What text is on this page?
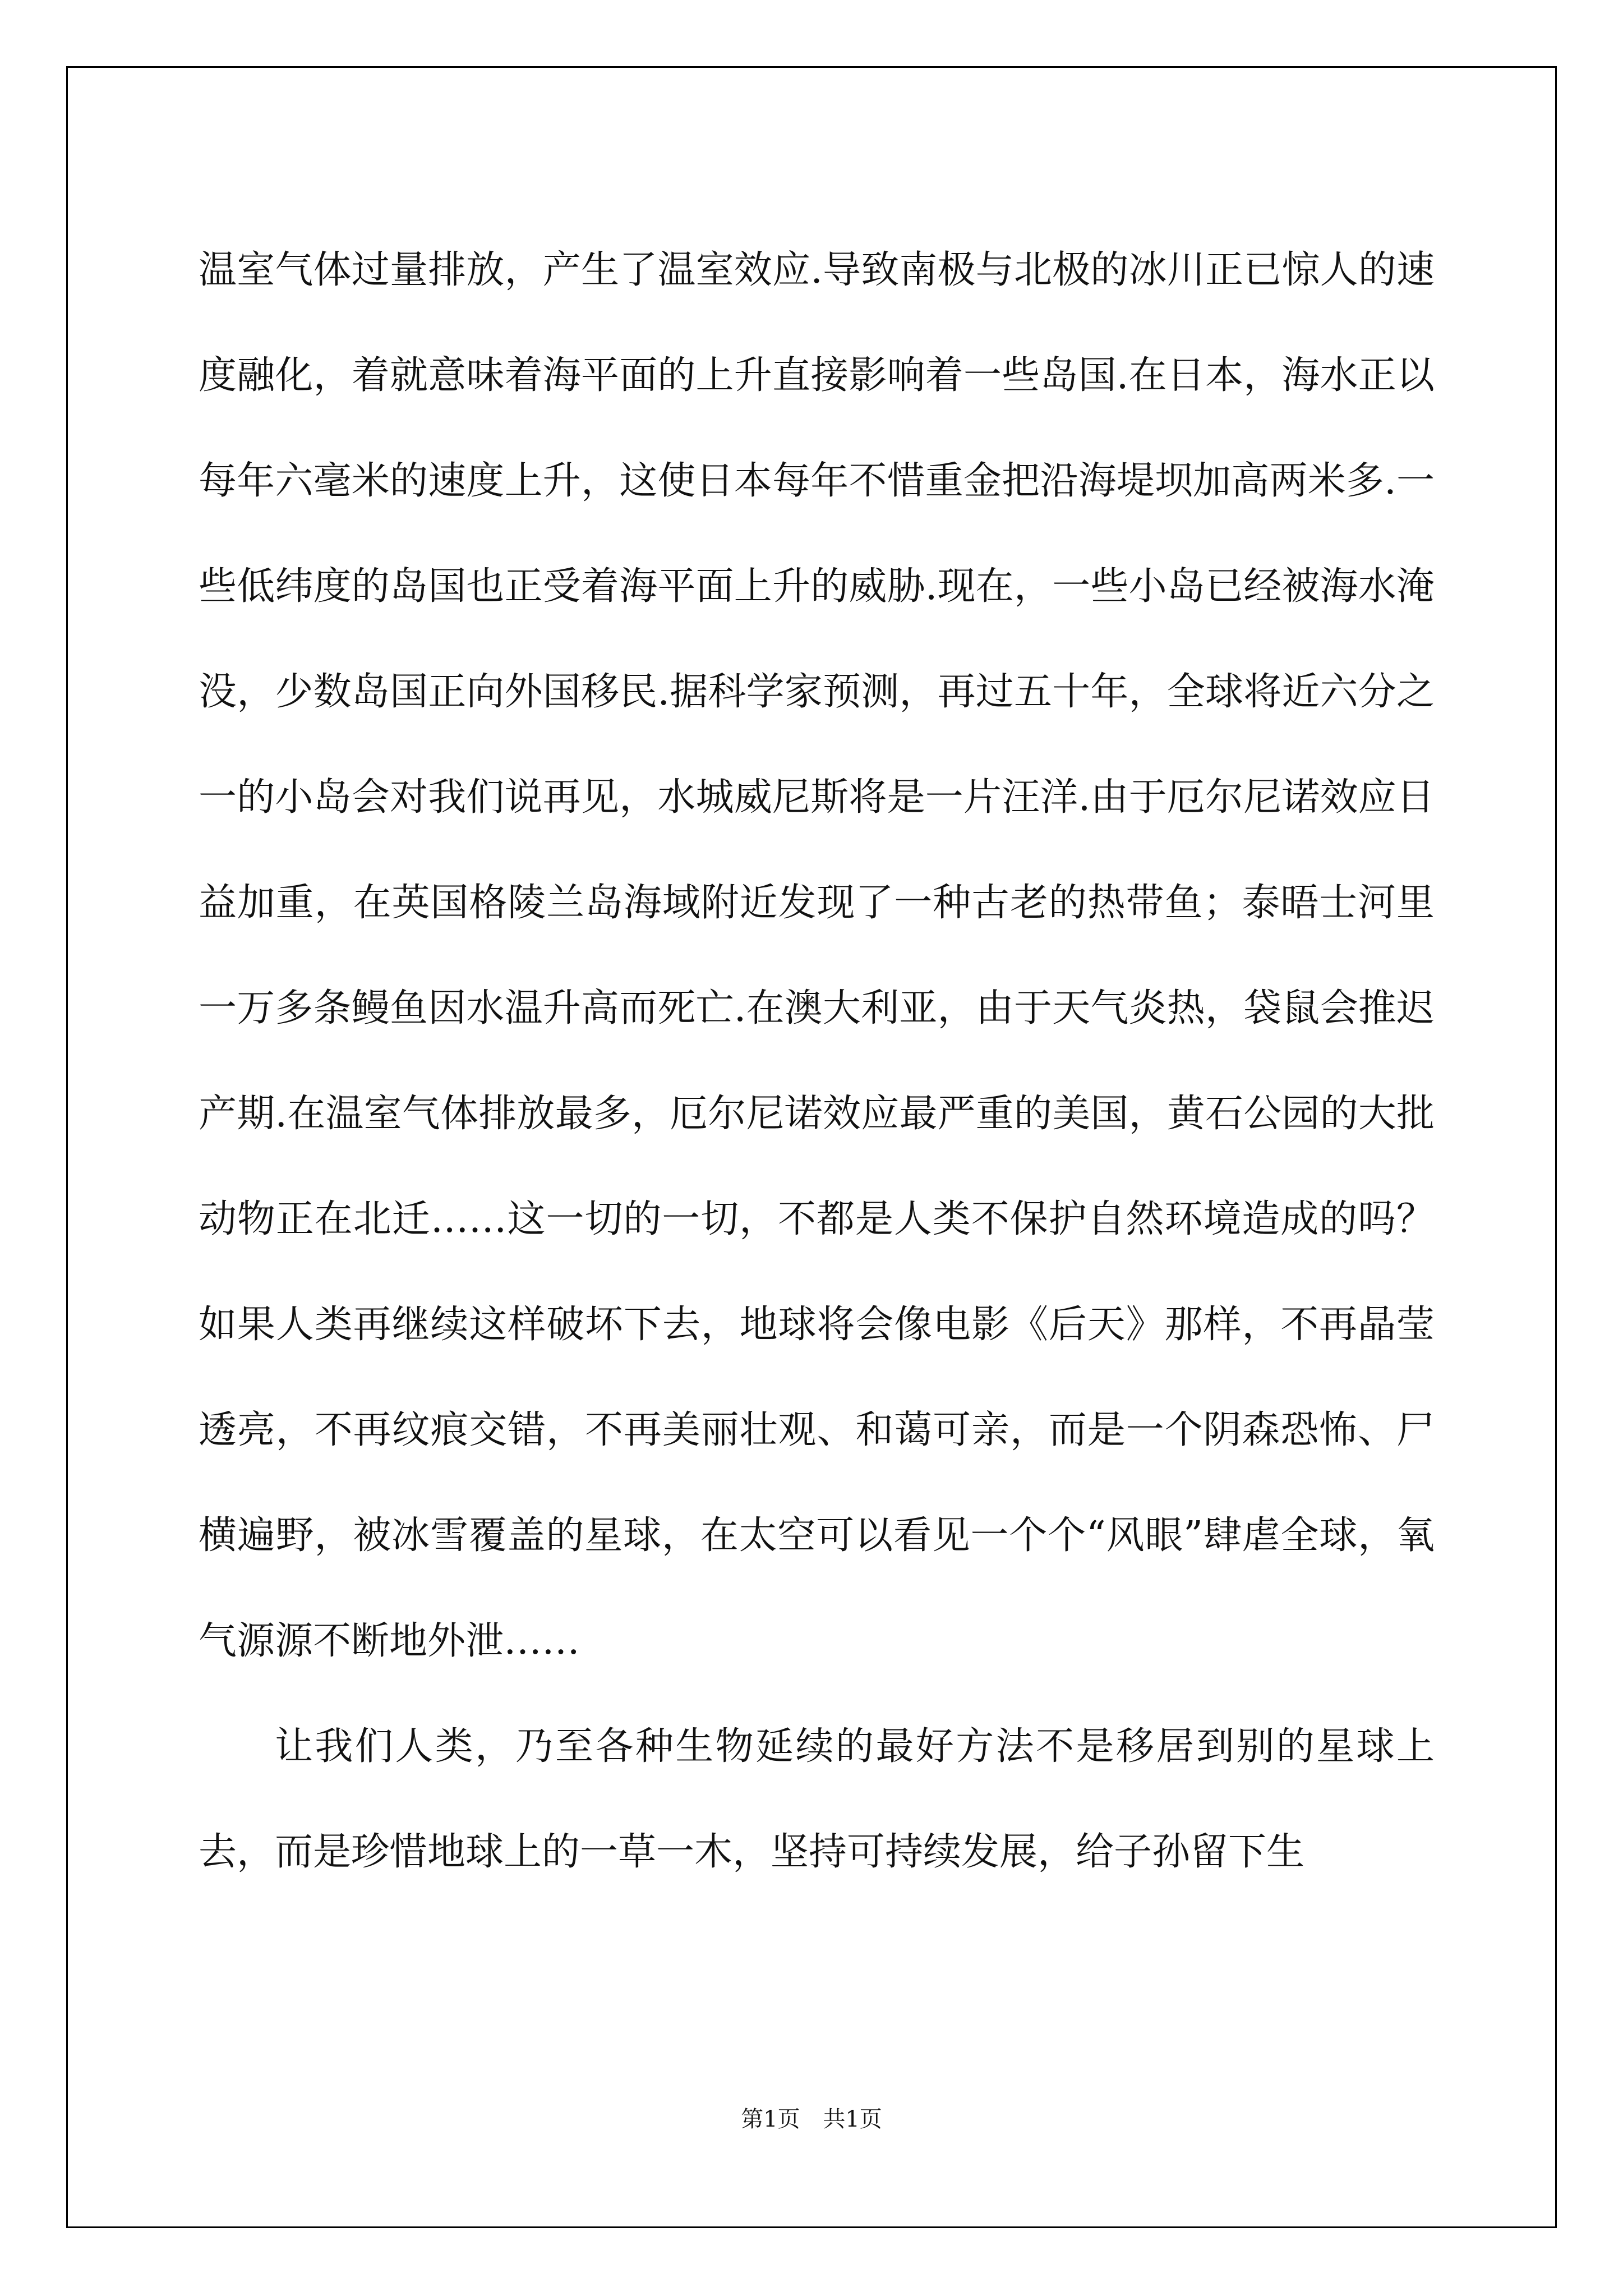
温室气体过量排放，产生了温室效应.导致南极与北极的冰川正已惊人的速度融化，着就意味着海平面的上升直接影响着一些岛国.在日本，海水正以每年六毫米的速度上升，这使日本每年不惜重金把沿海堤坝加高两米多.一些低纬度的岛国也正受着海平面上升的威胁.现在，一些小岛已经被海水淹没，少数岛国正向外国移民.据科学家预测，再过五十年，全球将近六分之一的小岛会对我们说再见，水城威尼斯将是一片汪洋.由于厄尔尼诺效应日益加重，在英国格陵兰岛海域附近发现了一种古老的热带鱼；泰晤士河里一万多条鳗鱼因水温升高而死亡.在澳大利亚，由于天气炎热，袋鼠会推迟产期.在温室气体排放最多，厄尔尼诺效应最严重的美国，黄石公园的大批动物正在北迁……这一切的一切，不都是人类不保护自然环境造成的吗？如果人类再继续这样破坏下去，地球将会像电影《后天》那样，不再晶莹透亮，不再纹痕交错，不再美丽壮观、和蔼可亲，而是一个阴森恐怖、尸横遍野，被冰雪覆盖的星球，在太空可以看见一个个“风眼”肆虐全球，氧气源源不断地外泄……

让我们人类，乃至各种生物延续的最好方法不是移居到别的星球上去，而是珍惜地球上的一草一木，坚持可持续发展，给子孙留下生

第1页 共1页
